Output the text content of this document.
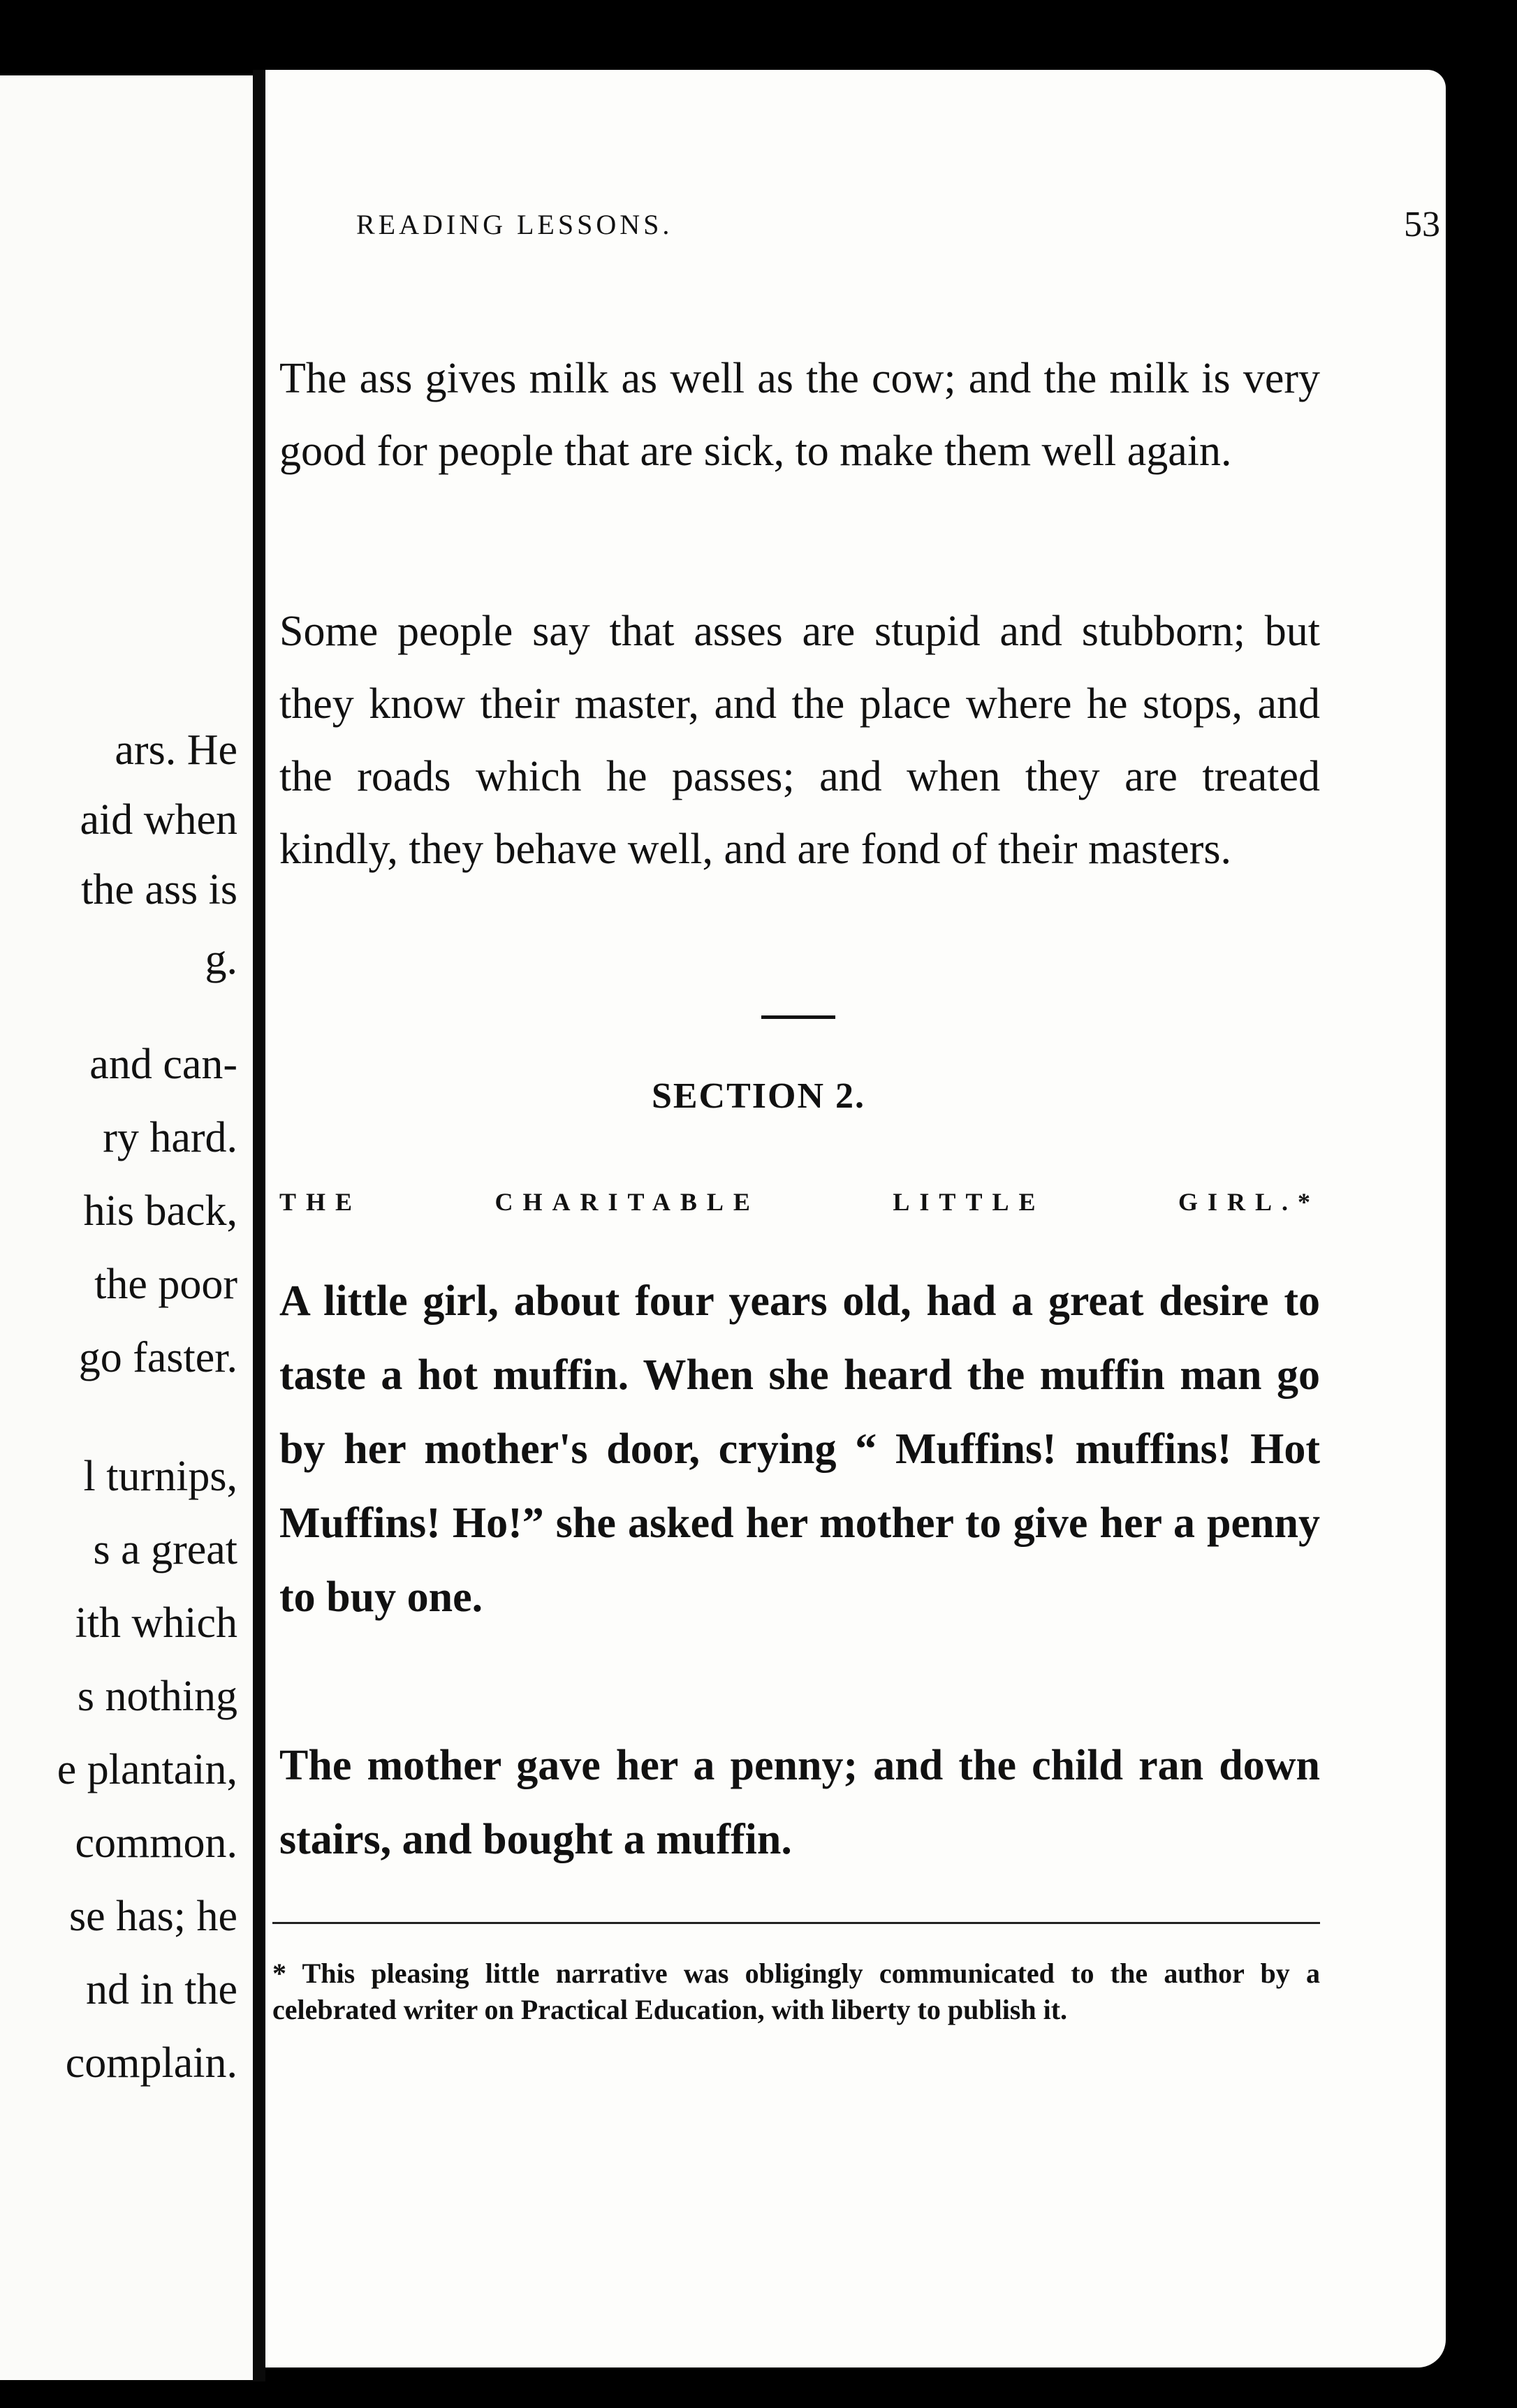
ars. He
aid when
the ass is
g.
and can-
ry hard.
his back,
the poor
go faster.
l turnips,
s a great
ith which
s nothing
e plantain,
common.
se has; he
nd in the
complain.
READING LESSONS.	53
The ass gives milk as well as the cow; and the milk is very good for people that are sick, to make them well again.
Some people say that asses are stupid and stubborn; but they know their master, and the place where he stops, and the roads which he passes; and when they are treated kindly, they behave well, and are fond of their masters.
SECTION 2.
THE CHARITABLE LITTLE GIRL.*
A little girl, about four years old, had a great desire to taste a hot muffin. When she heard the muffin man go by her mother's door, crying “ Muffins! muffins! Hot Muffins! Ho!” she asked her mother to give her a penny to buy one.
The mother gave her a penny; and the child ran down stairs, and bought a muffin.
* This pleasing little narrative was obligingly communicated to the author by a celebrated writer on Practical Education, with liberty to publish it.
